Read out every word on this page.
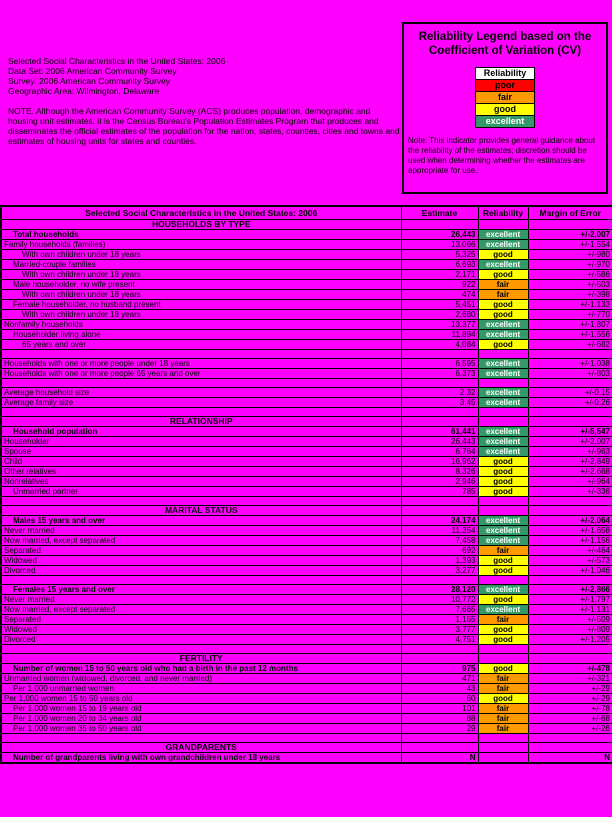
Selected Social Characteristics in the United States: 2006
Data Set: 2006 American Community Survey
Survey: 2006 American Community Survey
Geographic Area: Wilmington, Delaware
NOTE. Although the American Community Survey (ACS) produces population, demographic and housing unit estimates, it is the Census Bureau's Population Estimates Program that produces and disseminates the official estimates of the population for the nation, states, counties, cities and towns and estimates of housing units for states and counties.
Reliability Legend based on the Coefficient of Variation (CV)
Reliability
poor
fair
good
excellent
Note: This indicator provides general guidance about the reliability of the estimates; discretion should be used when determining whether the estimates are appropriate for use.
Selected Social Characteristics in the United States: 2006	Estimate	Reliability	Margin of Error
HOUSEHOLDS BY TYPE			
Total households	26,443	excellent	+/-2,007
Family households (families)	13,066	excellent	+/-1,554
With own children under 18 years	5,325	good	+/-980
Married-couple families	6,693	excellent	+/-970
With own children under 18 years	2,171	good	+/-586
Male householder, no wife present	922	fair	+/-503
With own children under 18 years	474	fair	+/-398
Female householder, no husband present	5,451	good	+/-1,133
With own children under 18 years	2,680	good	+/-770
Nonfamily households	13,377	excellent	+/-1,807
Householder living alone	11,894	excellent	+/-1,556
65 years and over	4,084	good	+/-682

Households with one or more people under 18 years	6,595	excellent	+/-1,038
Households with one or more people 65 years and over	6,373	excellent	+/-803

Average household size	2.32	excellent	+/-0.15
Average family size	3.45	excellent	+/-0.26

RELATIONSHIP			
Household population	61,441	excellent	+/-5,547
Householder	26,443	excellent	+/-2,007
Spouse	6,764	excellent	+/-963
Child	16,962	good	+/-2,849
Other relatives	8,326	good	+/-2,668
Nonrelatives	2,946	good	+/-964
Unmarried partner	785	good	+/-336

MARITAL STATUS			
Males 15 years and over	24,174	excellent	+/-2,064
Never married	11,354	excellent	+/-1,658
Now married, except separated	7,458	excellent	+/-1,156
Separated	692	fair	+/-464
Widowed	1,393	good	+/-573
Divorced	3,277	good	+/-1,046

Females 15 years and over	28,120	excellent	+/-2,866
Never married	10,772	good	+/-1,797
Now married, except separated	7,665	excellent	+/-1,131
Separated	1,155	fair	+/-509
Widowed	3,777	good	+/-809
Divorced	4,751	good	+/-1,205

FERTILITY			
Number of women 15 to 50 years old who had a birth in the past 12 months	975	good	+/-478
Unmarried women (widowed, divorced, and never married)	471	fair	+/-321
Per 1,000 unmarried women	43	fair	+/-29
Per 1,000 women 15 to 50 years old	60	good	+/-29
Per 1,000 women 15 to 19 years old	101	fair	+/-78
Per 1,000 women 20 to 34 years old	88	fair	+/-68
Per 1,000 women 35 to 50 years old	29	fair	+/-26

GRANDPARENTS			
Number of grandparents living with own grandchildren under 18 years	N		N
